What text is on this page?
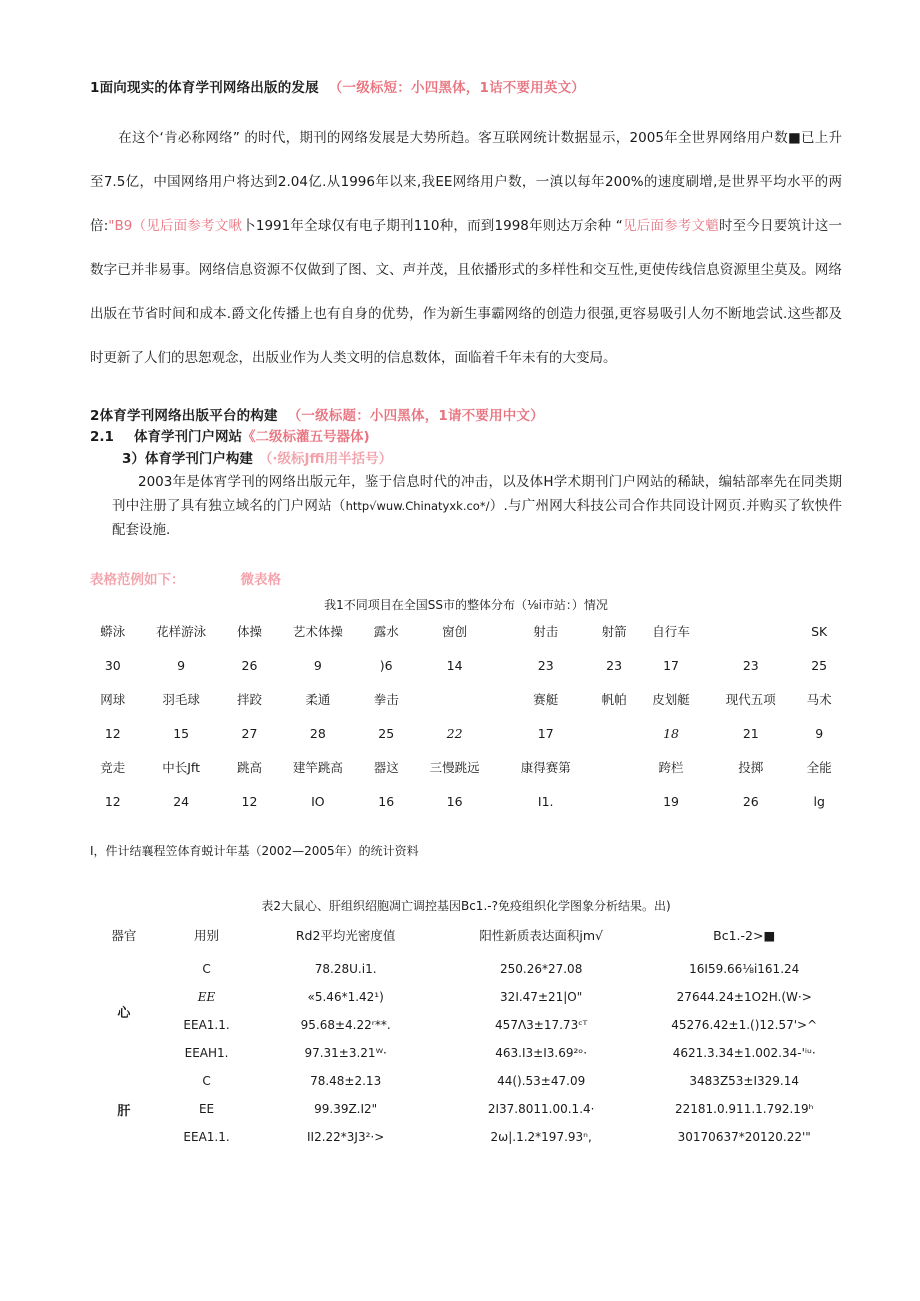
1面向现实的体育学刊网络出版的发展 （一级标短：小四黑体，1诘不要用英文）

在这个‘肯必称网络” 的时代，期刊的网络发展是大势所趋。客互联网统计数据显示，2005年全世界网络用户数■已上升至7.5亿，中国网络用户将达到2.04亿.从1996年以来,我EE网络用户数，一滇以每年200%的速度刷增,是世界平均水平的两倍:"B9（见后面参考文啾卜1991年全球仅有电子期刊110种，而到1998年则达万余种 “见后面参考文魈时至今日要筑计这一数字已并非易事。网络信息资源不仅做到了图、文、声并茂，且依播形式的多样性和交互性,更使传线信息资源里尘莫及。网络出版在节省时间和成本.爵文化传播上也有自身的优势，作为新生事霸网络的创造力很强,更容易吸引人勿不断地尝试.这些都及时更新了人们的思恕观念，出版业作为人类文明的信息数体，面临着千年未有的大变局。

2体育学刊网络出版平台的构建 （一级标题：小四黑体，1请不要用中文）
2.1 体育学刊门户网站《二级标灌五号器体)
3）体育学刊门户构建 （·级标Jffi用半括号）

2003年是体宵学刊的网络出版元年，鉴于信息时代的冲击，以及体H学术期刊门户网站的稀缺，编轱部率先在同类期刊中注册了具有独立域名的门户网站（http√wuw.Chinatyxk.co*/）.与广州网大科技公司合作共同设计网页.并购买了软怏件配套设施.

表格范例如下：	微表格
我1不同项目在全国SS市的整体分布（⅛i市站：）情况
蟒泳	花样游泳	体操	艺术体操	露水	窗创	射击	射箭	自行车		SK
30	9	26	9	)6	14	23	23	17	23	25
网球	羽毛球	拌跤	柔通	拳击		赛艇	帆帕	皮划艇	现代五项	马术
12	15	27	28	25	22	17		18	21	9
竞走	中长Jft	跳高	建竿跳高	器这	三慢跳远	康得赛第		跨栏	投掷	全能
12	24	12	IO	16	16	I1.		19	26	lg

I，件计结襄程笠体育蜕计年基（2002—2005年）的统计资料
表2大鼠心、肝组织绍胞凋亡调控基因Bc1.-?免疫组织化学图象分析结果。出)
器官	用别	Rd2平均光密度值	阳性新质表达面积jm√	Bc1.-2>■
心	C	78.28U.i1.	250.26*27.08	16I59.66⅛i161.24
	EE	«5.46*1.42¹)	32I.47±21|O"	27644.24±1O2H.(W·>
	EEA1.1.	95.68±4.22ʳ**.	457Λ3±17.73ᶜᵀ	45276.42±1.()12.57'>^
	EEAH1.	97.31±3.21ᵂ·	463.I3±I3.69²ᵒ·	4621.3.34±1.002.34-'ⁱᵘ·
肝	C	78.48±2.13	44().53±47.09	3483Z53±I329.14
	EE	99.39Z.I2"	2I37.8011.00.1.4·	22181.0.911.1.792.19ʰ
	EEA1.1.	II2.22*3J3²·>	2ω|.1.2*197.93ⁿ,	30170637*20120.22'"
